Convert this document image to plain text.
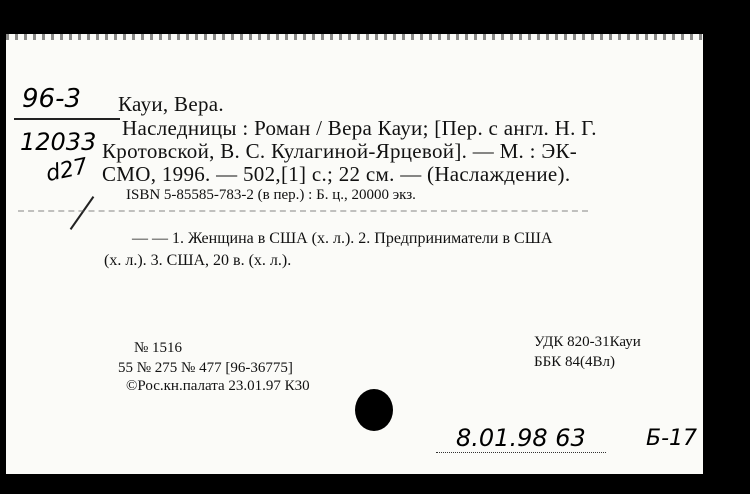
96-3
12033
d27
Кауи, Вера.
Наследницы : Роман / Вера Кауи; [Пер. с англ. Н. Г.
Кротовской, В. С. Кулагиной-Ярцевой]. — М. : ЭК-
СМО, 1996. — 502,[1] с.; 22 см. — (Наслаждение).
ISBN 5-85585-783-2 (в пер.) : Б. ц., 20000 экз.
— — 1. Женщина в США (х. л.). 2. Предприниматели в США
(х. л.). 3. США, 20 в. (х. л.).
№ 1516
55 № 275 № 477 [96-36775]
©Рос.кн.палата 23.01.97 К30
УДК 820-31Кауи
ББК 84(4Вл)
8.01.98 63	Б-17
